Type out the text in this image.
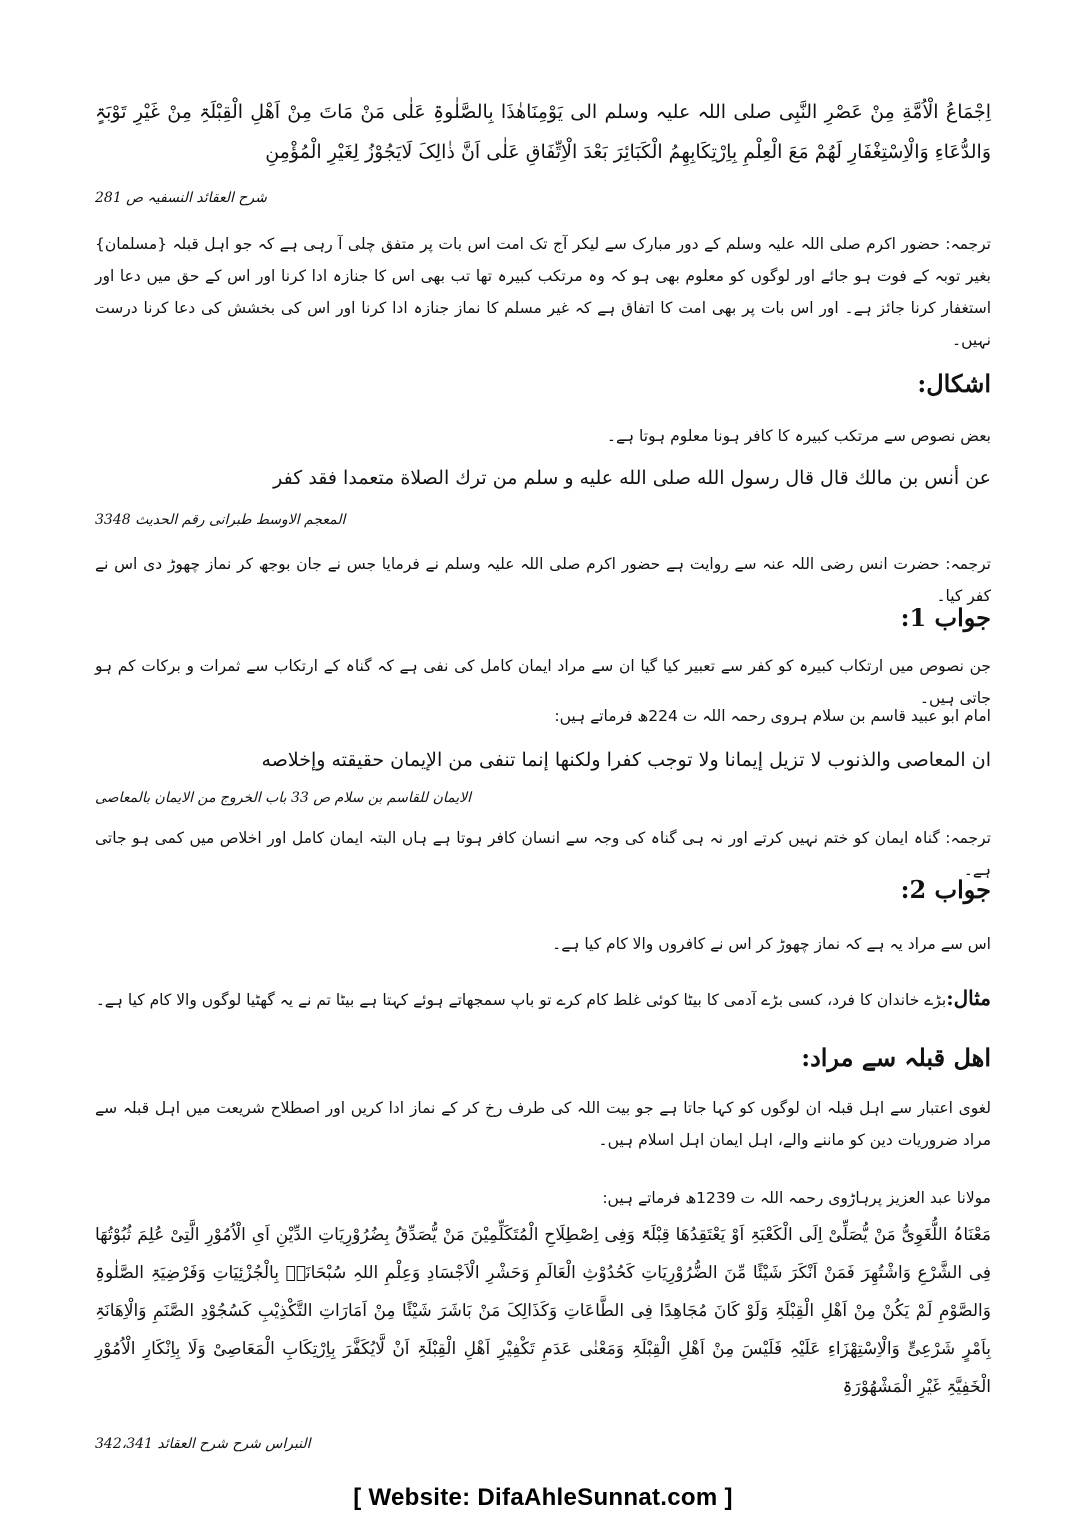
اِجْمَاعُ الْاُمَّةِ مِنْ عَصْرِ النَّبِی صلی اللہ علیہ وسلم الی یَوْمِنَاھٰذَا بِالصَّلٰوۃِ عَلٰی مَنْ مَاتَ مِنْ اَھْلِ الْقِبْلَۃِ مِنْ غَیْرِ تَوْبَۃٍ وَالدُّعَاءِ وَالْاِسْتِغْفَارِ لَھُمْ مَعَ الْعِلْمِ بِاِرْتِکَابِھِمُ الْکَبَائِرَ بَعْدَ الْاِتِّفَاقِ عَلٰی اَنَّ ذٰالِکَ لَایَجُوْزُ لِغَیْرِ الْمُؤْمِنِ

شرح العقائد النسفیہ ص 281

ترجمہ: حضور اکرم صلی اللہ علیہ وسلم کے دور مبارک سے لیکر آج تک امت اس بات پر متفق چلی آ رہی ہے کہ جو اہل قبلہ {مسلمان} بغیر توبہ کے فوت ہو جائے اور لوگوں کو معلوم بھی ہو کہ وہ مرتکب کبیرہ تھا تب بھی اس کا جنازہ ادا کرنا اور اس کے حق میں دعا اور استغفار کرنا جائز ہے۔ اور اس بات پر بھی امت کا اتفاق ہے کہ غیر مسلم کا نماز جنازہ ادا کرنا اور اس کی بخشش کی دعا کرنا درست نہیں۔

اشکال:

بعض نصوص سے مرتکب کبیرہ کا کافر ہونا معلوم ہوتا ہے۔

عن أنس بن مالك قال قال رسول الله صلی الله علیه و سلم من ترك الصلاة متعمدا فقد كفر

المعجم الاوسط طبرانی رقم الحدیث 3348

ترجمہ: حضرت انس رضی اللہ عنہ سے روایت ہے حضور اکرم صلی اللہ علیہ وسلم نے فرمایا جس نے جان بوجھ کر نماز چھوڑ دی اس نے کفر کیا۔

جواب 1:

جن نصوص میں ارتکاب کبیرہ کو کفر سے تعبیر کیا گیا ان سے مراد ایمان کامل کی نفی ہے کہ گناہ کے ارتکاب سے ثمرات و برکات کم ہو جاتی ہیں۔

امام ابو عبید قاسم بن سلام ہروی رحمہ اللہ ت 224ھ فرماتے ہیں:

ان المعاصی والذنوب لا تزیل إیمانا ولا توجب کفرا ولکنھا إنما تنفی من الإیمان حقیقته وإخلاصه

الایمان للقاسم بن سلام ص 33 باب الخروج من الایمان بالمعاصی

ترجمہ: گناہ ایمان کو ختم نہیں کرتے اور نہ ہی گناہ کی وجہ سے انسان کافر ہوتا ہے ہاں البتہ ایمان کامل اور اخلاص میں کمی ہو جاتی ہے۔

جواب 2:

اس سے مراد یہ ہے کہ نماز چھوڑ کر اس نے کافروں والا کام کیا ہے۔

مثال:بڑے خاندان کا فرد، کسی بڑے آدمی کا بیٹا کوئی غلط کام کرے تو باپ سمجھاتے ہوئے کہتا ہے بیٹا تم نے یہ گھٹیا لوگوں والا کام کیا ہے۔

اھل قبلہ سے مراد:

لغوی اعتبار سے اہل قبلہ ان لوگوں کو کہا جاتا ہے جو بیت اللہ کی طرف رخ کر کے نماز ادا کریں اور اصطلاح شریعت میں اہل قبلہ سے مراد ضروریات دین کو ماننے والے، اہل ایمان اہل اسلام ہیں۔

مولانا عبد العزیز پرہاڑوی رحمہ اللہ ت 1239ھ فرماتے ہیں:

مَعْنَاہُ اللُّغَوِیُّ مَنْ یُّصَلِّیْ اِلَی الْکَعْبَۃِ اَوْ یَعْتَقِدُھَا قِبْلَۃً وَفِی اِصْطِلَاحِ الْمُتَکَلِّمِیْنَ مَنْ یُّصَدِّقُ بِضُرُوْرِیَاتِ الدِّیْنِ اَیِ الْاُمُوْرِ الَّتِیْ عُلِمَ ثُبُوْتُھَا فِی الشَّرْعِ وَاشْتُھِرَ فَمَنْ اَنْکَرَ شَیْئًا مِّنَ الضُّرُوْرِیَاتِ کَحُدُوْثِ الْعَالَمِ وَحَشْرِ الْاَجْسَادِ وَعِلْمِ اللہِ سُبْحَانَہٗ بِالْجُزْئِیَاتِ وَفَرْضِیَۃِ الصَّلٰوۃِ وَالصَّوْمِ لَمْ یَکُنْ مِنْ اَھْلِ الْقِبْلَۃِ وَلَوْ کَانَ مُجَاھِدًا فِی الطَّاعَاتِ وَکَذَالِکَ مَنْ بَاشَرَ شَیْئًا مِنْ اَمَارَاتِ التَّکْذِیْبِ کَسُجُوْدِ الصَّنَمِ وَالْاِھَانَۃِ بِاَمْرٍ شَرْعِیٍّ وَالْاِسْتِھْزَاءِ عَلَیْہِ فَلَیْسَ مِنْ اَھْلِ الْقِبْلَۃِ وَمَعْنٰی عَدَمِ تَکْفِیْرِ اَھْلِ الْقِبْلَۃِ اَنْ لَّایُکَفَّرَ بِاِرْتِکَابِ الْمَعَاصِیْ وَلَا بِاِنْکَارِ الْاُمُوْرِ الْخَفِیَّۃِ غَیْرِ الْمَشْھُوْرَۃِ

النبراس شرح شرح العقائد 342،341

[ Website: DifaAhleSunnat.com ]
